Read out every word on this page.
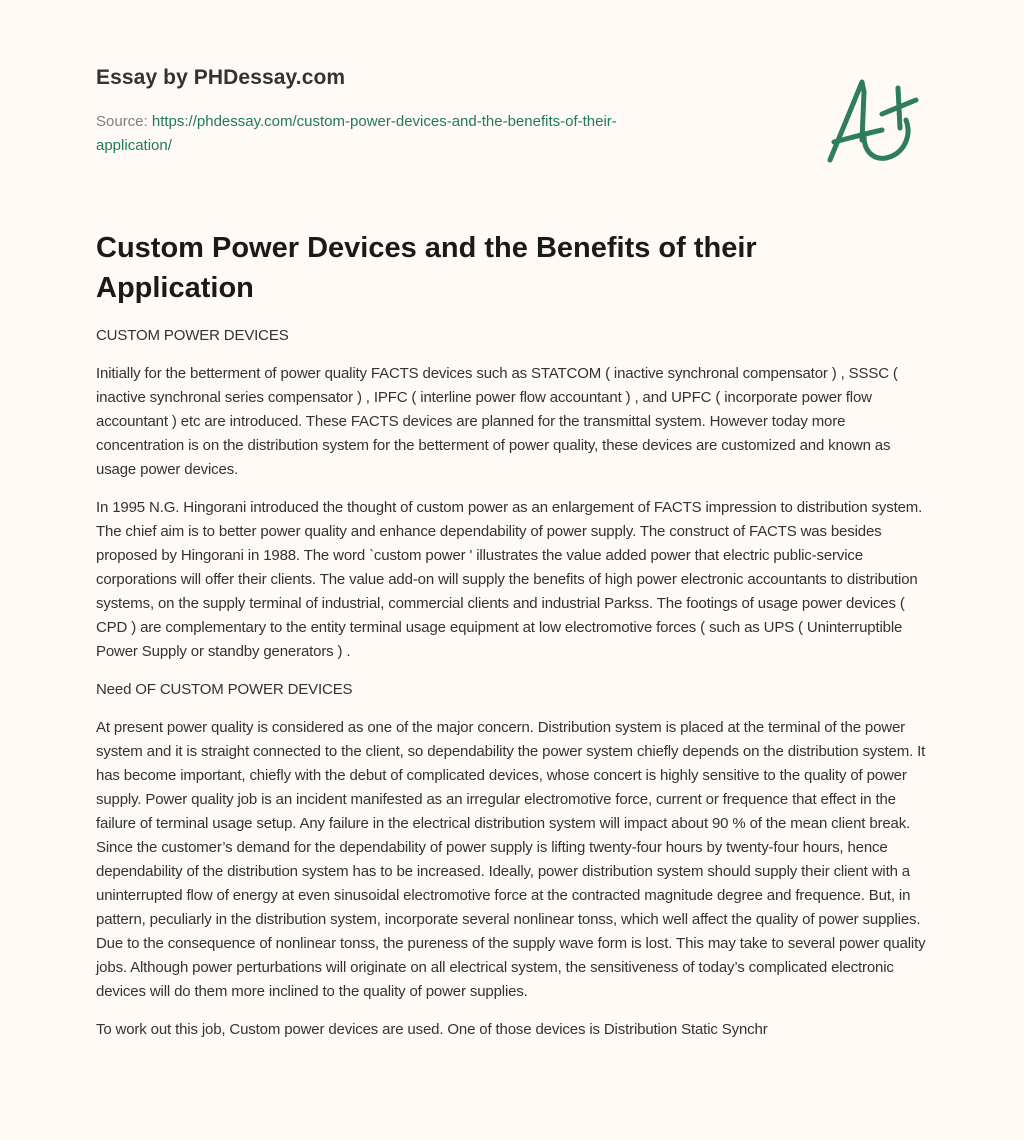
Essay by PHDessay.com
Source: https://phdessay.com/custom-power-devices-and-the-benefits-of-their-
application/
Custom Power Devices and the Benefits of their Application

CUSTOM POWER DEVICES

Initially for the betterment of power quality FACTS devices such as STATCOM ( inactive synchronal compensator ) , SSSC ( inactive synchronal series compensator ) , IPFC ( interline power flow accountant ) , and UPFC ( incorporate power flow accountant ) etc are introduced. These FACTS devices are planned for the transmittal system. However today more concentration is on the distribution system for the betterment of power quality, these devices are customized and known as usage power devices.

In 1995 N.G. Hingorani introduced the thought of custom power as an enlargement of FACTS impression to distribution system. The chief aim is to better power quality and enhance dependability of power supply. The construct of FACTS was besides proposed by Hingorani in 1988. The word `custom power ' illustrates the value added power that electric public-service corporations will offer their clients. The value add-on will supply the benefits of high power electronic accountants to distribution systems, on the supply terminal of industrial, commercial clients and industrial Parkss. The footings of usage power devices ( CPD ) are complementary to the entity terminal usage equipment at low electromotive forces ( such as UPS ( Uninterruptible Power Supply or standby generators ) .

Need OF CUSTOM POWER DEVICES

At present power quality is considered as one of the major concern. Distribution system is placed at the terminal of the power system and it is straight connected to the client, so dependability the power system chiefly depends on the distribution system. It has become important, chiefly with the debut of complicated devices, whose concert is highly sensitive to the quality of power supply. Power quality job is an incident manifested as an irregular electromotive force, current or frequence that effect in the failure of terminal usage setup. Any failure in the electrical distribution system will impact about 90 % of the mean client break. Since the customer’s demand for the dependability of power supply is lifting twenty-four hours by twenty-four hours, hence dependability of the distribution system has to be increased. Ideally, power distribution system should supply their client with a uninterrupted flow of energy at even sinusoidal electromotive force at the contracted magnitude degree and frequence. But, in pattern, peculiarly in the distribution system, incorporate several nonlinear tonss, which well affect the quality of power supplies. Due to the consequence of nonlinear tonss, the pureness of the supply wave form is lost. This may take to several power quality jobs. Although power perturbations will originate on all electrical system, the sensitiveness of today’s complicated electronic devices will do them more inclined to the quality of power supplies.

To work out this job, Custom power devices are used. One of those devices is Distribution Static Synchr
